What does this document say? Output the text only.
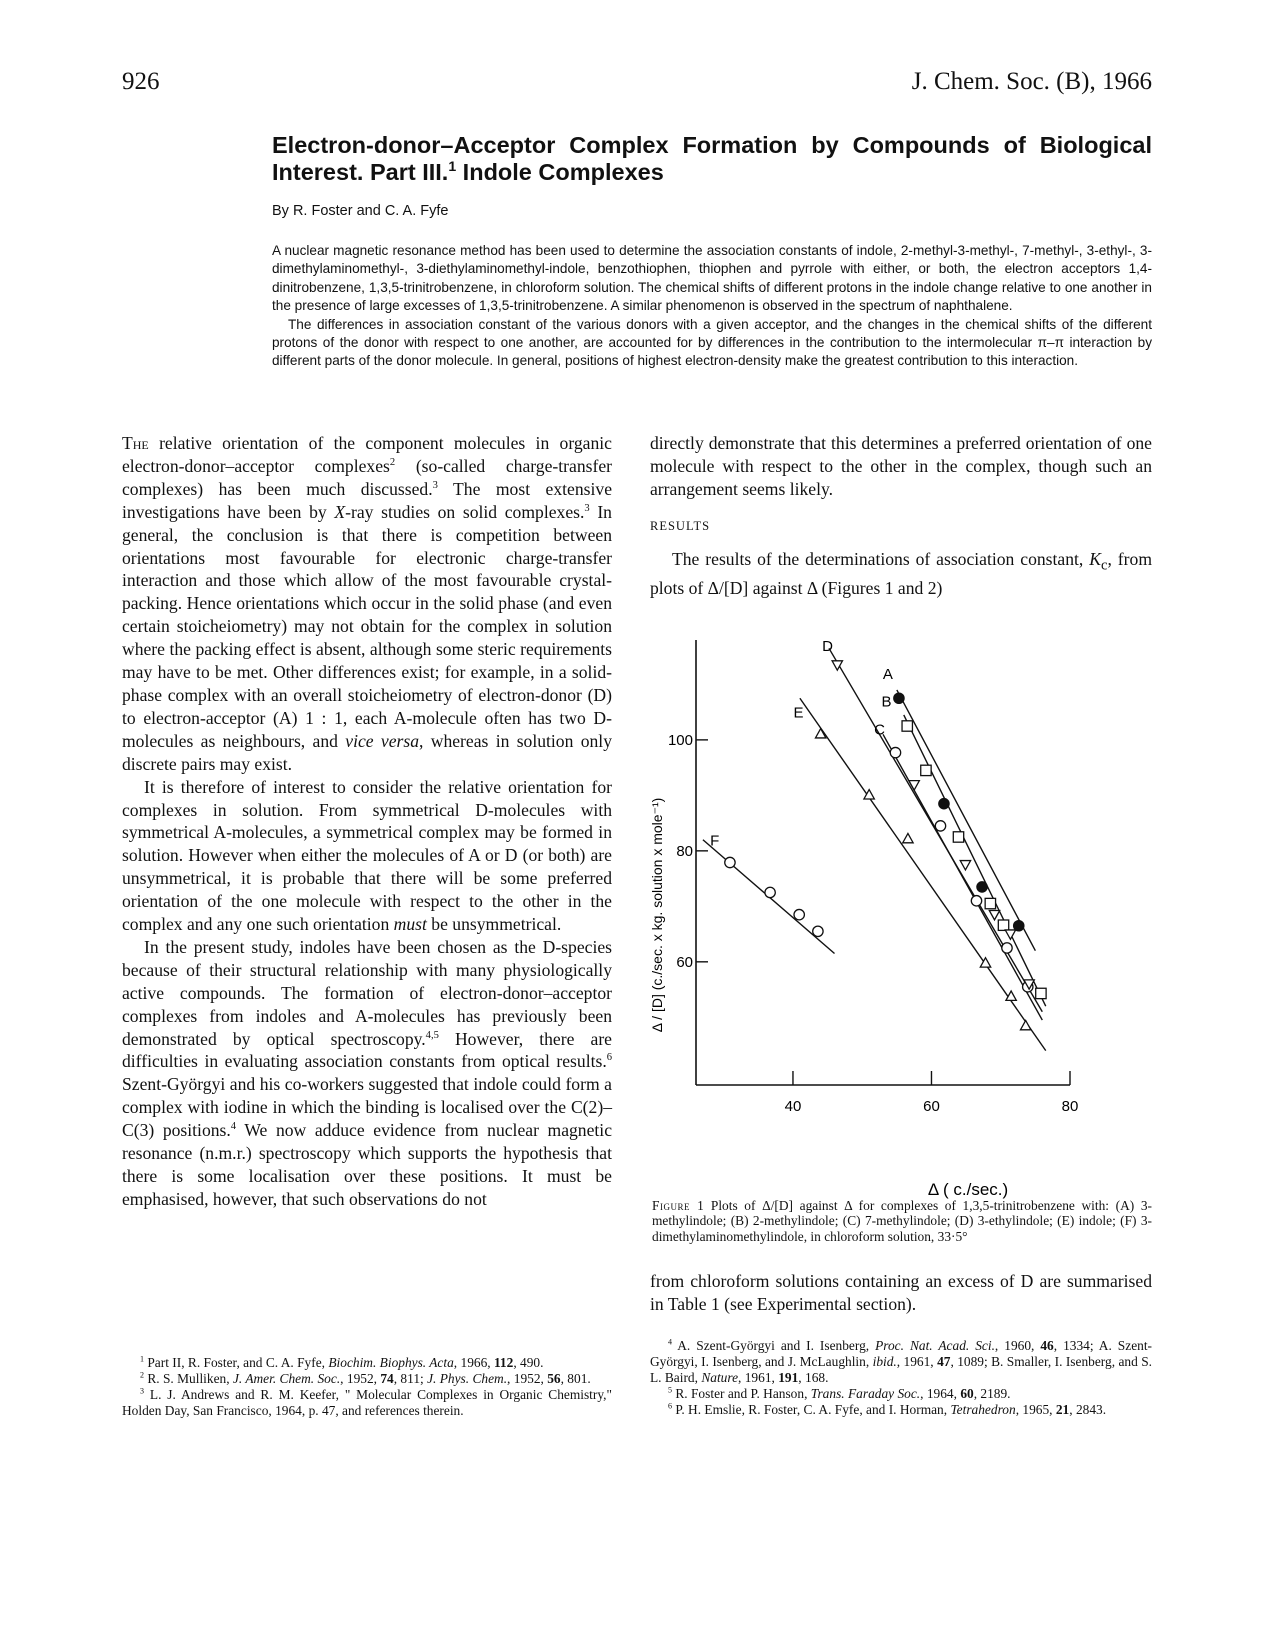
926	J. Chem. Soc. (B), 1966
Electron-donor–Acceptor Complex Formation by Compounds of Biological Interest. Part III.$^1$ Indole Complexes
By R. Foster and C. A. Fyfe

A nuclear magnetic resonance method has been used to determine the association constants of indole, 2-methyl-3-methyl-, 7-methyl-, 3-ethyl-, 3-dimethylaminomethyl-, 3-diethylaminomethyl-indole, benzothiophen, thiophen and pyrrole with either, or both, the electron acceptors 1,4-dinitrobenzene, 1,3,5-trinitrobenzene, in chloroform solution. The chemical shifts of different protons in the indole change relative to one another in the presence of large excesses of 1,3,5-trinitrobenzene. A similar phenomenon is observed in the spectrum of naphthalene.

The differences in association constant of the various donors with a given acceptor, and the changes in the chemical shifts of the different protons of the donor with respect to one another, are accounted for by differences in the contribution to the intermolecular π–π interaction by different parts of the donor molecule. In general, positions of highest electron-density make the greatest contribution to this interaction.

The relative orientation of the component molecules in organic electron-donor–acceptor complexes$^2$ (so-called charge-transfer complexes) has been much discussed.$^3$ The most extensive investigations have been by X-ray studies on solid complexes.$^3$ In general, the conclusion is that there is competition between orientations most favourable for electronic charge-transfer interaction and those which allow of the most favourable crystal-packing. Hence orientations which occur in the solid phase (and even certain stoicheiometry) may not obtain for the complex in solution where the packing effect is absent, although some steric requirements may have to be met. Other differences exist; for example, in a solid-phase complex with an overall stoicheiometry of electron-donor (D) to electron-acceptor (A) 1 : 1, each A-molecule often has two D-molecules as neighbours, and vice versa, whereas in solution only discrete pairs may exist.

It is therefore of interest to consider the relative orientation for complexes in solution. From symmetrical D-molecules with symmetrical A-molecules, a symmetrical complex may be formed in solution. However when either the molecules of A or D (or both) are unsymmetrical, it is probable that there will be some preferred orientation of the one molecule with respect to the other in the complex and any one such orientation must be unsymmetrical.

In the present study, indoles have been chosen as the D-species because of their structural relationship with many physiologically active compounds. The formation of electron-donor–acceptor complexes from indoles and A-molecules has previously been demonstrated by optical spectroscopy.$^{4,5}$ However, there are difficulties in evaluating association constants from optical results.$^6$ Szent-Györgyi and his co-workers suggested that indole could form a complex with iodine in which the binding is localised over the C(2)–C(3) positions.$^4$ We now adduce evidence from nuclear magnetic resonance (n.m.r.) spectroscopy which supports the hypothesis that there is some localisation over these positions. It must be emphasised, however, that such observations do not

$^1$ Part II, R. Foster, and C. A. Fyfe, Biochim. Biophys. Acta, 1966, 112, 490.

$^2$ R. S. Mulliken, J. Amer. Chem. Soc., 1952, 74, 811; J. Phys. Chem., 1952, 56, 801.

$^3$ L. J. Andrews and R. M. Keefer, " Molecular Complexes in Organic Chemistry," Holden Day, San Francisco, 1964, p. 47, and references therein.

directly demonstrate that this determines a preferred orientation of one molecule with respect to the other in the complex, though such an arrangement seems likely.

RESULTS

The results of the determinations of association constant, $K_c$, from plots of Δ/[D] against Δ (Figures 1 and 2)

40	60	80
60
80
100
D
A
B
C
E
F
Δ ( c./sec.)
Δ / [D] (c./sec. x kg. solution x mole⁻¹)
Figure 1 Plots of Δ/[D] against Δ for complexes of 1,3,5-trinitrobenzene with: (A) 3-methylindole; (B) 2-methylindole; (C) 7-methylindole; (D) 3-ethylindole; (E) indole; (F) 3-dimethylaminomethylindole, in chloroform solution, 33·5°
from chloroform solutions containing an excess of D are summarised in Table 1 (see Experimental section).

$^4$ A. Szent-Györgyi and I. Isenberg, Proc. Nat. Acad. Sci., 1960, 46, 1334; A. Szent-Györgyi, I. Isenberg, and J. McLaughlin, ibid., 1961, 47, 1089; B. Smaller, I. Isenberg, and S. L. Baird, Nature, 1961, 191, 168.

$^5$ R. Foster and P. Hanson, Trans. Faraday Soc., 1964, 60, 2189.

$^6$ P. H. Emslie, R. Foster, C. A. Fyfe, and I. Horman, Tetrahedron, 1965, 21, 2843.
